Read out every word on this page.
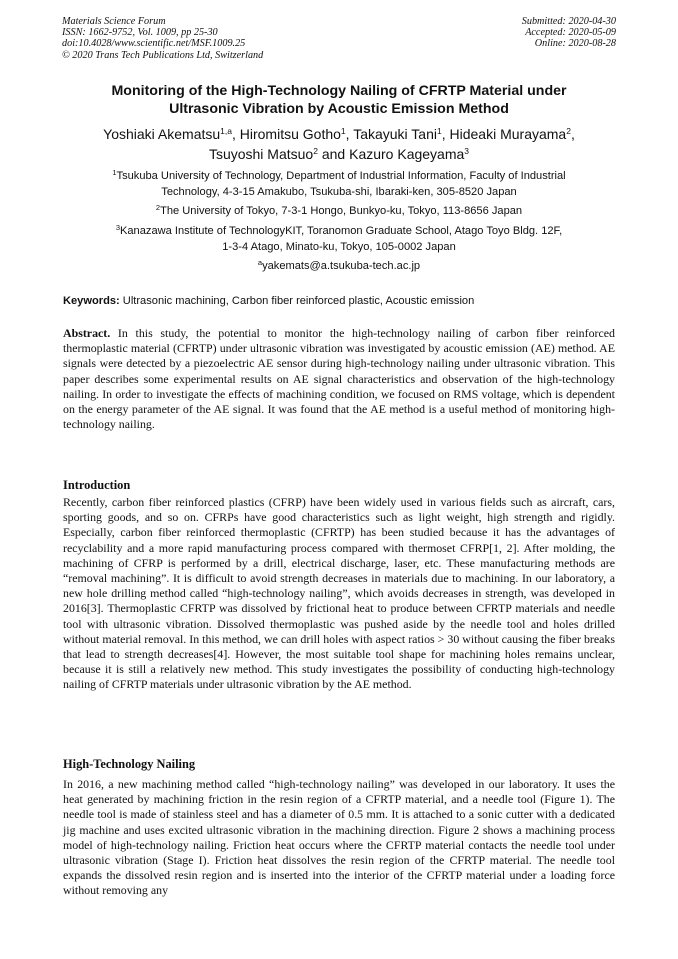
Materials Science Forum
ISSN: 1662-9752, Vol. 1009, pp 25-30
doi:10.4028/www.scientific.net/MSF.1009.25
© 2020 Trans Tech Publications Ltd, Switzerland
Submitted: 2020-04-30
Accepted: 2020-05-09
Online: 2020-08-28
Monitoring of the High-Technology Nailing of CFRTP Material under
Ultrasonic Vibration by Acoustic Emission Method
Yoshiaki Akematsu$^{1,a}$, Hiromitsu Gotho$^1$, Takayuki Tani$^1$, Hideaki Murayama$^2$,
Tsuyoshi Matsuo$^2$ and Kazuro Kageyama$^3$
$^1$Tsukuba University of Technology, Department of Industrial Information, Faculty of Industrial
Technology, 4-3-15 Amakubo, Tsukuba-shi, Ibaraki-ken, 305-8520 Japan
$^2$The University of Tokyo, 7-3-1 Hongo, Bunkyo-ku, Tokyo, 113-8656 Japan
$^3$Kanazawa Institute of TechnologyKIT, Toranomon Graduate School, Atago Toyo Bldg. 12F,
1-3-4 Atago, Minato-ku, Tokyo, 105-0002 Japan
$^a$yakemats@a.tsukuba-tech.ac.jp
Keywords: Ultrasonic machining, Carbon fiber reinforced plastic, Acoustic emission

Abstract. In this study, the potential to monitor the high-technology nailing of carbon fiber reinforced thermoplastic material (CFRTP) under ultrasonic vibration was investigated by acoustic emission (AE) method. AE signals were detected by a piezoelectric AE sensor during high-technology nailing under ultrasonic vibration. This paper describes some experimental results on AE signal characteristics and observation of the high-technology nailing. In order to investigate the effects of machining condition, we focused on RMS voltage, which is dependent on the energy parameter of the AE signal. It was found that the AE method is a useful method of monitoring high-technology nailing.

Introduction

Recently, carbon fiber reinforced plastics (CFRP) have been widely used in various fields such as aircraft, cars, sporting goods, and so on. CFRPs have good characteristics such as light weight, high strength and rigidly. Especially, carbon fiber reinforced thermoplastic (CFRTP) has been studied because it has the advantages of recyclability and a more rapid manufacturing process compared with thermoset CFRP[1, 2]. After molding, the machining of CFRP is performed by a drill, electrical discharge, laser, etc. These manufacturing methods are “removal machining”. It is difficult to avoid strength decreases in materials due to machining. In our laboratory, a new hole drilling method called “high-technology nailing”, which avoids decreases in strength, was developed in 2016[3]. Thermoplastic CFRTP was dissolved by frictional heat to produce between CFRTP materials and needle tool with ultrasonic vibration. Dissolved thermoplastic was pushed aside by the needle tool and holes drilled without material removal. In this method, we can drill holes with aspect ratios > 30 without causing the fiber breaks that lead to strength decreases[4]. However, the most suitable tool shape for machining holes remains unclear, because it is still a relatively new method. This study investigates the possibility of conducting high-technology nailing of CFRTP materials under ultrasonic vibration by the AE method.

High-Technology Nailing

In 2016, a new machining method called “high-technology nailing” was developed in our laboratory. It uses the heat generated by machining friction in the resin region of a CFRTP material, and a needle tool (Figure 1). The needle tool is made of stainless steel and has a diameter of 0.5 mm. It is attached to a sonic cutter with a dedicated jig machine and uses excited ultrasonic vibration in the machining direction. Figure 2 shows a machining process model of high-technology nailing. Friction heat occurs where the CFRTP material contacts the needle tool under ultrasonic vibration (Stage I). Friction heat dissolves the resin region of the CFRTP material. The needle tool expands the dissolved resin region and is inserted into the interior of the CFRTP material under a loading force without removing any
